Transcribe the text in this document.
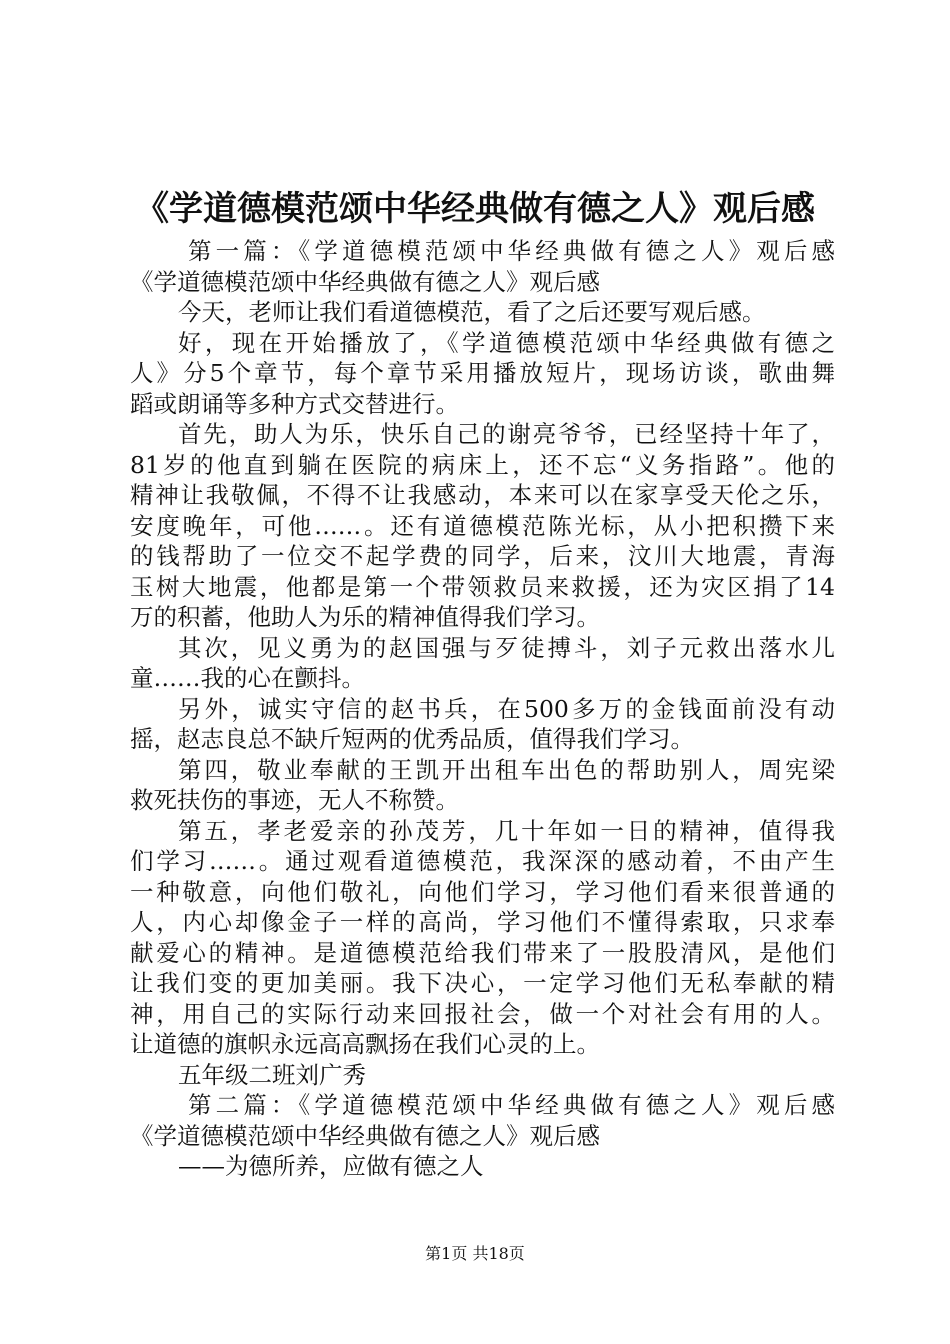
《学道德模范颂中华经典做有德之人》观后感
第一篇：《学道德模范颂中华经典做有德之人》观后感
《学道德模范颂中华经典做有德之人》观后感
今天，老师让我们看道德模范，看了之后还要写观后感。
好，现在开始播放了，《学道德模范颂中华经典做有德之
人》分5个章节，每个章节采用播放短片，现场访谈，歌曲舞
蹈或朗诵等多种方式交替进行。
首先，助人为乐，快乐自己的谢亮爷爷，已经坚持十年了，
81岁的他直到躺在医院的病床上，还不忘“义务指路”。他的
精神让我敬佩，不得不让我感动，本来可以在家享受天伦之乐，
安度晚年，可他……。还有道德模范陈光标，从小把积攒下来
的钱帮助了一位交不起学费的同学，后来，汶川大地震，青海
玉树大地震，他都是第一个带领救员来救援，还为灾区捐了14
万的积蓄，他助人为乐的精神值得我们学习。
其次，见义勇为的赵国强与歹徒搏斗，刘子元救出落水儿
童……我的心在颤抖。
另外，诚实守信的赵书兵，在500多万的金钱面前没有动
摇，赵志良总不缺斤短两的优秀品质，值得我们学习。
第四，敬业奉献的王凯开出租车出色的帮助别人，周宪梁
救死扶伤的事迹，无人不称赞。
第五，孝老爱亲的孙茂芳，几十年如一日的精神，值得我
们学习……。通过观看道德模范，我深深的感动着，不由产生
一种敬意，向他们敬礼，向他们学习，学习他们看来很普通的
人，内心却像金子一样的高尚，学习他们不懂得索取，只求奉
献爱心的精神。是道德模范给我们带来了一股股清风，是他们
让我们变的更加美丽。我下决心，一定学习他们无私奉献的精
神，用自己的实际行动来回报社会，做一个对社会有用的人。
让道德的旗帜永远高高飘扬在我们心灵的上。
五年级二班刘广秀
第二篇：《学道德模范颂中华经典做有德之人》观后感
《学道德模范颂中华经典做有德之人》观后感
——为德所养，应做有德之人
第1页 共18页
